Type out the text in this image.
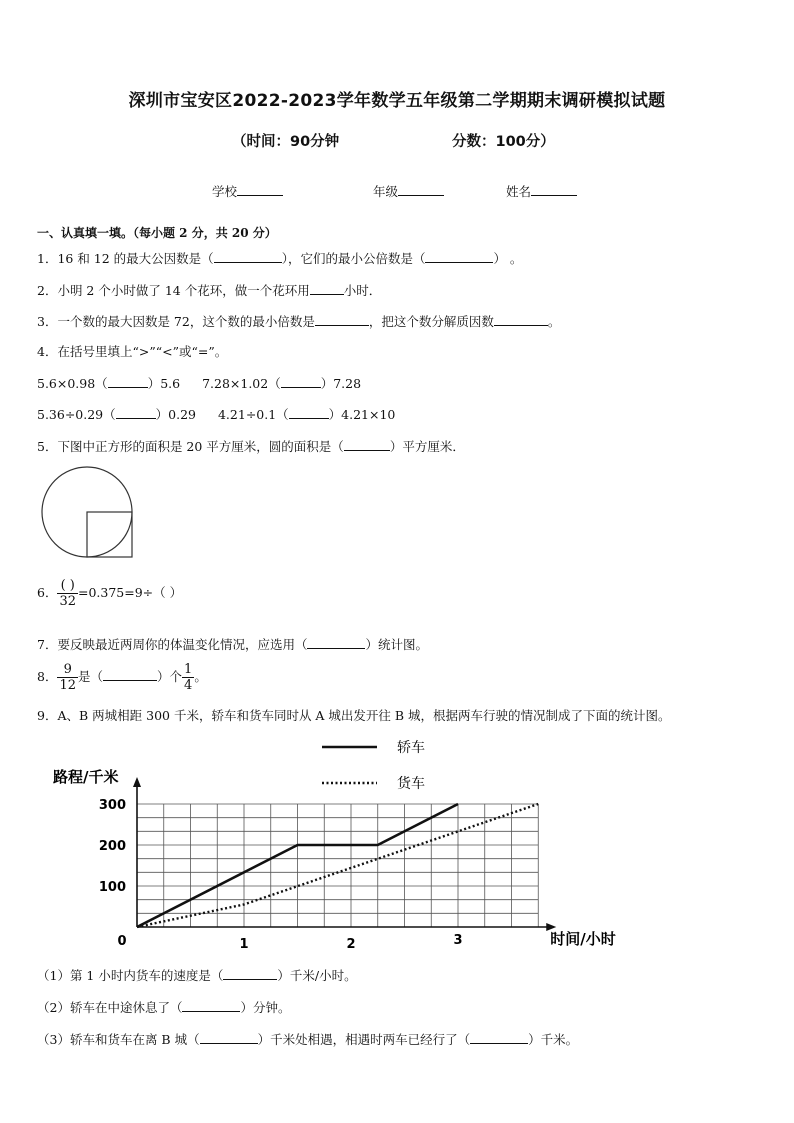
深圳市宝安区2022-2023学年数学五年级第二学期期末调研模拟试题
（时间：90分钟	分数：100分）
学校	年级	姓名
一、认真填一填。（每小题 2 分，共 20 分）
1．16 和 12 的最大公因数是（	），它们的最小公倍数是（	） 。
2．小明 2 个小时做了 14 个花环，做一个花环用	小时．
3．一个数的最大因数是 72，这个数的最小倍数是	，把这个数分解质因数	。
4．在括号里填上“>”“<”或“=”。
5.6×0.98（	）5.6 7.28×1.02（	）7.28
5.36÷0.29（	）0.29 4.21÷0.1（	）4.21×10
5．下图中正方形的面积是 20 平方厘米，圆的面积是（	）平方厘米．
6． $\frac{( )}{32} =0.375=9\div$（ ）
7．要反映最近两周你的体温变化情况，应选用（	）统计图。
8． $\frac{9}{12}$ 是（	）个 $\frac{1}{4}$ 。
9．A、B 两城相距 300 千米，轿车和货车同时从 A 城出发开往 B 城，根据两车行驶的情况制成了下面的统计图。
轿车
货车
100
200
300
0	1	2	3
路程/千米
时间/小时
（1）第 1 小时内货车的速度是（	）千米/小时。
（2）轿车在中途休息了（	）分钟。
（3）轿车和货车在离 B 城（	）千米处相遇，相遇时两车已经行了（	）千米。
